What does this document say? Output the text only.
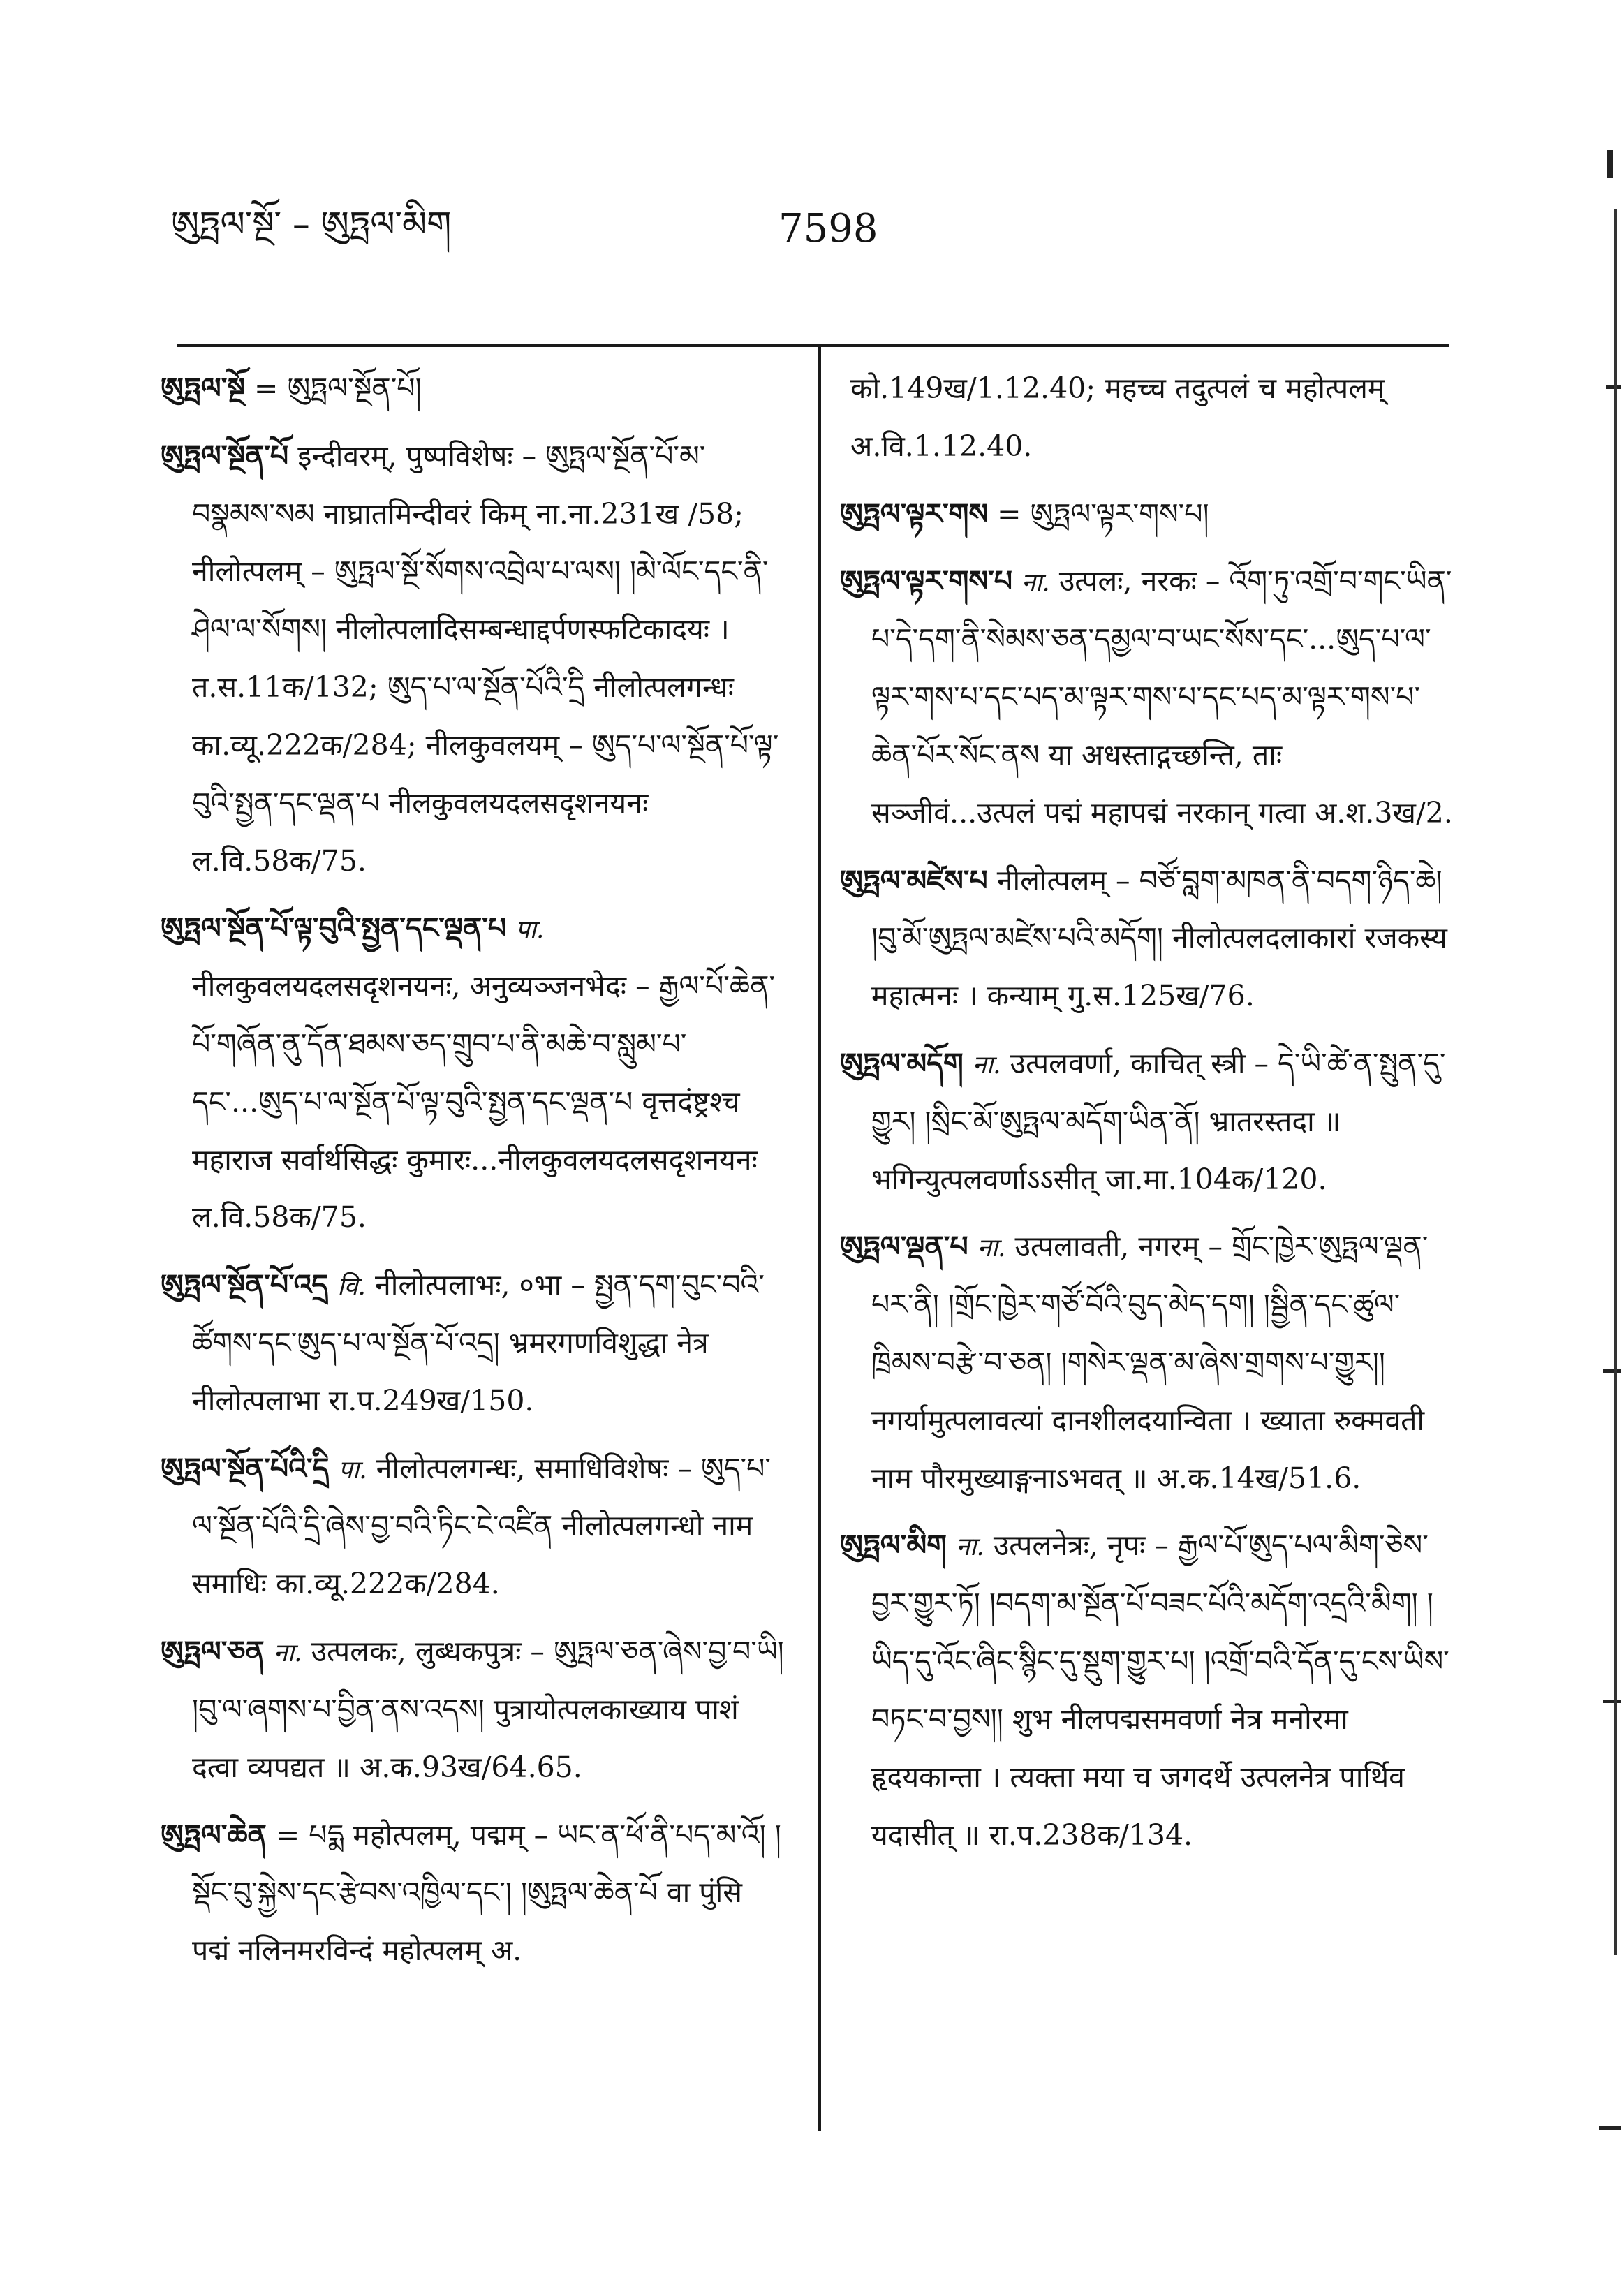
ཨུཏྤལ་སྔོ་ – ཨུཏྤལ་མིག	7598
ཨུཏྤལ་སྔོ = ཨུཏྤལ་སྔོན་པོ།
ཨུཏྤལ་སྔོན་པོ इन्दीवरम्, पुष्पविशेषः – ཨུཏྤལ་སྔོན་པོ་མ་བསྣམས་སམ नाघ्रातमिन्दीवरं किम् ना.ना.231ख /58; नीलोत्पलम् – ཨུཏྤལ་སྔོ་སོགས་འབྲེལ་པ་ལས། །མེ་ལོང་དང་ནི་ཤེལ་ལ་སོགས། नीलोत्पलादिसम्बन्धाद्दर्पणस्फटिकादयः । त.स.11क/132; ཨུད་པ་ལ་སྔོན་པོའི་དྲི नीलोत्पलगन्धः का.व्यू.222क/284; नीलकुवलयम् – ཨུད་པ་ལ་སྔོན་པོ་ལྟ་བུའི་སྤྱན་དང་ལྡན་པ नीलकुवलयदलसदृशनयनः ल.वि.58क/75.
ཨུཏྤལ་སྔོན་པོ་ལྟ་བུའི་སྤྱན་དང་ལྡན་པ पा. नीलकुवलयदलसदृशनयनः, अनुव्यञ्जनभेदः – རྒྱལ་པོ་ཆེན་པོ་གཞོན་ནུ་དོན་ཐམས་ཅད་གྲུབ་པ་ནི་མཆེ་བ་སླུམ་པ་དང་...ཨུད་པ་ལ་སྔོན་པོ་ལྟ་བུའི་སྤྱན་དང་ལྡན་པ वृत्तदंष्ट्रश्च महाराज सर्वार्थसिद्धः कुमारः...नीलकुवलयदलसदृशनयनः ल.वि.58क/75.
ཨུཏྤལ་སྔོན་པོ་འདྲ वि. नीलोत्पलाभः, ०भा – སྤྱན་དག་བུང་བའི་ཚོགས་དང་ཨུད་པ་ལ་སྔོན་པོ་འདྲ། भ्रमरगणविशुद्धा नेत्र नीलोत्पलाभा रा.प.249ख/150.
ཨུཏྤལ་སྔོན་པོའི་དྲི पा. नीलोत्पलगन्धः, समाधिविशेषः – ཨུད་པ་ལ་སྔོན་པོའི་དྲི་ཞེས་བྱ་བའི་ཏིང་ངེ་འཛིན नीलोत्पलगन्धो नाम समाधिः का.व्यू.222क/284.
ཨུཏྤལ་ཅན ना. उत्पलकः, लुब्धकपुत्रः – ཨུཏྤལ་ཅན་ཞེས་བྱ་བ་ཡི། །བུ་ལ་ཞགས་པ་བྱིན་ནས་འདས། पुत्रायोत्पलकाख्याय पाशं दत्वा व्यपद्यत ॥ अ.क.93ख/64.65.
ཨུཏྤལ་ཆེན = པདྨ महोत्पलम्, पद्मम् – ཡང་ན་ཕོ་ནི་པད་མ་འོ། །སྡོང་བུ་སྐྱེས་དང་རྩེབས་འཁྱིལ་དང་། །ཨུཏྤལ་ཆེན་པོ वा पुंसि पद्मं नलिनमरविन्दं महोत्पलम् अ.
को.149ख/1.12.40; महच्च तदुत्पलं च महोत्पलम् अ.वि.1.12.40.
ཨུཏྤལ་ལྟར་གས = ཨུཏྤལ་ལྟར་གས་པ།
ཨུཏྤལ་ལྟར་གས་པ ना. उत्पलः, नरकः – འོག་ཏུ་འགྲོ་བ་གང་ཡིན་པ་དེ་དག་ནི་སེམས་ཅན་དམྱལ་བ་ཡང་སོས་དང་...ཨུད་པ་ལ་ལྟར་གས་པ་དང་པད་མ་ལྟར་གས་པ་དང་པད་མ་ལྟར་གས་པ་ཆེན་པོར་སོང་ནས या अधस्ताद्गच्छन्ति, ताः सञ्जीवं...उत्पलं पद्मं महापद्मं नरकान् गत्वा अ.श.3ख/2.
ཨུཏྤལ་མཛེས་པ नीलोत्पलम् – བཙོ་བླག་མཁན་ནི་བདག་ཉིད་ཆེ། །བུ་མོ་ཨུཏྤལ་མཛེས་པའི་མདོག། नीलोत्पलदलाकारां रजकस्य महात्मनः । कन्याम् गु.स.125ख/76.
ཨུཏྤལ་མདོག ना. उत्पलवर्णा, काचित् स्त्री – དེ་ཡི་ཚེ་ན་སྤུན་དུ་གྱུར། །སྲིང་མོ་ཨུཏྤལ་མདོག་ཡིན་ནོ། भ्रातरस्तदा ॥ भगिन्युत्पलवर्णाऽऽसीत् जा.मा.104क/120.
ཨུཏྤལ་ལྡན་པ ना. उत्पलावती, नगरम् – གྲོང་ཁྱེར་ཨུཏྤལ་ལྡན་པར་ནི། །གྲོང་ཁྱེར་གཙོ་བོའི་བུད་མེད་དག། །སྦྱིན་དང་ཚུལ་ཁྲིམས་བརྩེ་བ་ཅན། །གསེར་ལྡན་མ་ཞེས་གྲགས་པ་གྱུར།། नगर्यामुत्पलावत्यां दानशीलदयान्विता । ख्याता रुक्मवती नाम पौरमुख्याङ्गनाऽभवत् ॥ अ.क.14ख/51.6.
ཨུཏྤལ་མིག ना. उत्पलनेत्रः, नृपः – རྒྱལ་པོ་ཨུད་པལ་མིག་ཅེས་བྱར་གྱུར་ཏོ། །བདག་མ་སྔོན་པོ་བཟང་པོའི་མདོག་འདྲའི་མིག། །ཡིད་དུ་འོང་ཞིང་སྙིང་དུ་སྡུག་གྱུར་པ། །འགྲོ་བའི་དོན་དུ་ངས་ཡིས་བཏང་བ་བྱས།། शुभ नीलपद्मसमवर्णा नेत्र मनोरमा हृदयकान्ता । त्यक्ता मया च जगदर्थे उत्पलनेत्र पार्थिव यदासीत् ॥ रा.प.238क/134.
